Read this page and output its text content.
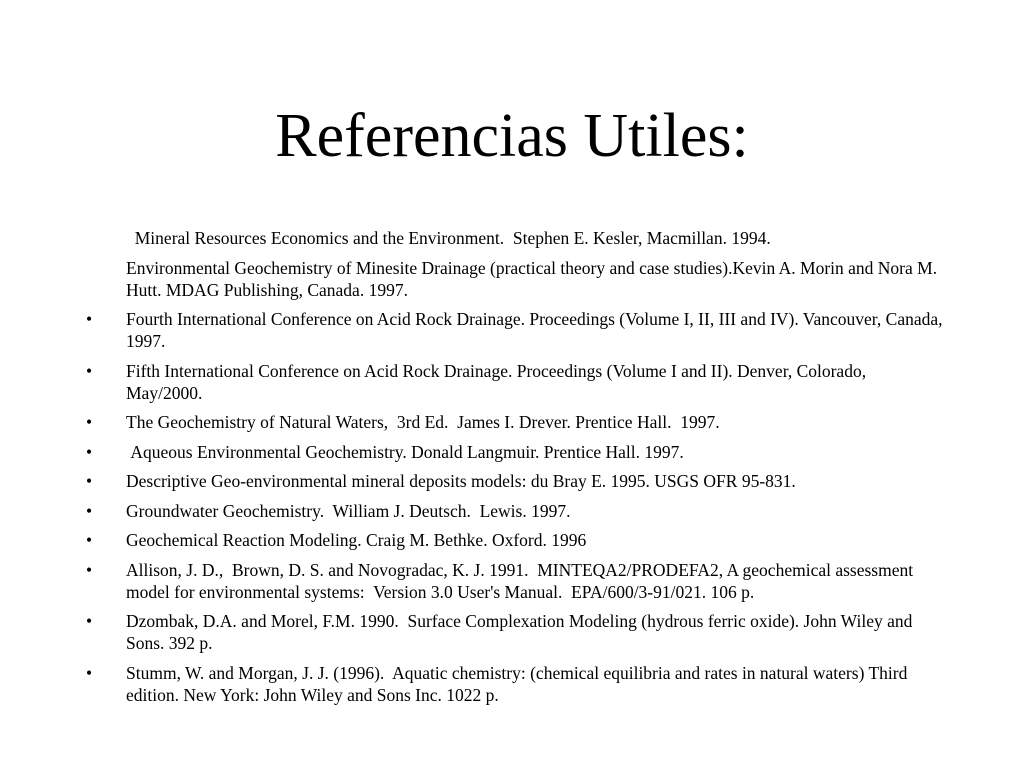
Referencias Utiles:
Mineral Resources Economics and the Environment.  Stephen E. Kesler, Macmillan. 1994.
Environmental Geochemistry of Minesite Drainage (practical theory and case studies).Kevin A. Morin and Nora M. Hutt. MDAG Publishing, Canada. 1997.
•	Fourth International Conference on Acid Rock Drainage. Proceedings (Volume I, II, III and IV). Vancouver, Canada, 1997.
•	Fifth International Conference on Acid Rock Drainage. Proceedings (Volume I and II). Denver, Colorado, May/2000.
•	The Geochemistry of Natural Waters,  3rd Ed.  James I. Drever. Prentice Hall.  1997.
•	Aqueous Environmental Geochemistry. Donald Langmuir. Prentice Hall. 1997.
•	Descriptive Geo-environmental mineral deposits models: du Bray E. 1995. USGS OFR 95-831.
•	Groundwater Geochemistry.  William J. Deutsch.  Lewis. 1997.
•	Geochemical Reaction Modeling. Craig M. Bethke. Oxford. 1996
•	Allison, J. D.,  Brown, D. S. and Novogradac, K. J. 1991.  MINTEQA2/PRODEFA2, A geochemical assessment model for environmental systems:  Version 3.0 User's Manual.  EPA/600/3-91/021. 106 p.
•	Dzombak, D.A. and Morel, F.M. 1990.  Surface Complexation Modeling (hydrous ferric oxide). John Wiley and Sons. 392 p.
•	Stumm, W. and Morgan, J. J. (1996).  Aquatic chemistry: (chemical equilibria and rates in natural waters) Third edition. New York: John Wiley and Sons Inc. 1022 p.
